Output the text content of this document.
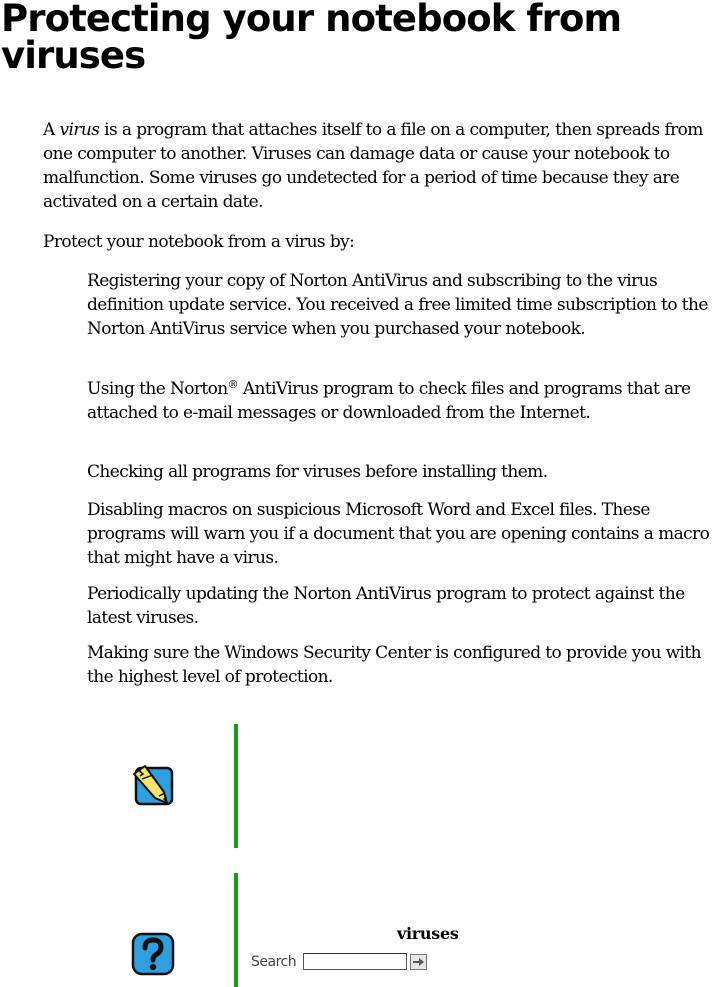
Protecting your notebook from viruses

A virus is a program that attaches itself to a file on a computer, then spreads from one computer to another. Viruses can damage data or cause your notebook to malfunction. Some viruses go undetected for a period of time because they are activated on a certain date.

Protect your notebook from a virus by:

Registering your copy of Norton AntiVirus and subscribing to the virus definition update service. You received a free limited time subscription to the Norton AntiVirus service when you purchased your notebook.

Using the Norton® AntiVirus program to check files and programs that are attached to e-mail messages or downloaded from the Internet.

Checking all programs for viruses before installing them.

Disabling macros on suspicious Microsoft Word and Excel files. These programs will warn you if a document that you are opening contains a macro that might have a virus.

Periodically updating the Norton AntiVirus program to protect against the latest viruses.

Making sure the Windows Security Center is configured to provide you with the highest level of protection.

viruses
Search
